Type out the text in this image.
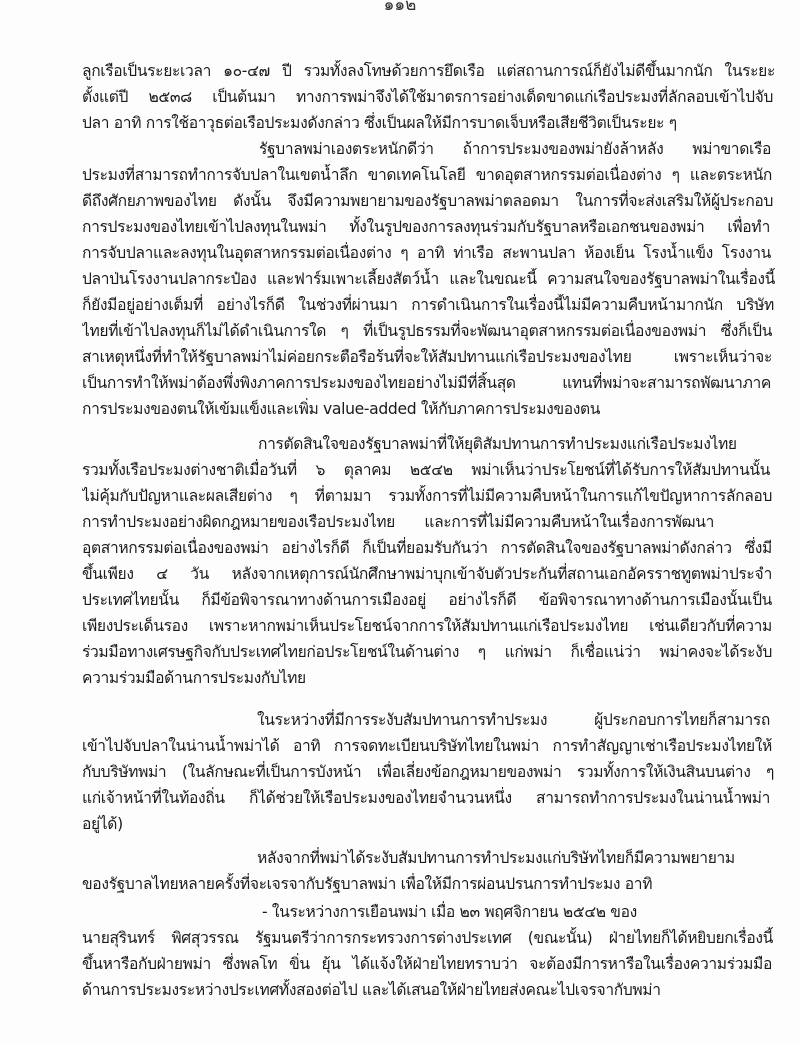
๑๑๒
ลูกเรือเป็นระยะเวลา ๑๐-๔๗ ปี รวมทั้งลงโทษด้วยการยึดเรือ แต่สถานการณ์ก็ยังไม่ดีขึ้นมากนัก ในระยะ
ตั้งแต่ปี ๒๕๓๘ เป็นต้นมา ทางการพม่าจึงได้ใช้มาตรการอย่างเด็ดขาดแก่เรือประมงที่ลักลอบเข้าไปจับ
ปลา อาทิ การใช้อาวุธต่อเรือประมงดังกล่าว ซึ่งเป็นผลให้มีการบาดเจ็บหรือเสียชีวิตเป็นระยะ ๆ
รัฐบาลพม่าเองตระหนักดีว่า ถ้าการประมงของพม่ายังล้าหลัง พม่าขาดเรือ
ประมงที่สามารถทำการจับปลาในเขตน้ำลึก ขาดเทคโนโลยี ขาดอุตสาหกรรมต่อเนื่องต่าง ๆ และตระหนัก
ดีถึงศักยภาพของไทย ดังนั้น จึงมีความพยายามของรัฐบาลพม่าตลอดมา ในการที่จะส่งเสริมให้ผู้ประกอบ
การประมงของไทยเข้าไปลงทุนในพม่า ทั้งในรูปของการลงทุนร่วมกับรัฐบาลหรือเอกชนของพม่า เพื่อทำ
การจับปลาและลงทุนในอุตสาหกรรมต่อเนื่องต่าง ๆ อาทิ ท่าเรือ สะพานปลา ห้องเย็น โรงน้ำแข็ง โรงงาน
ปลาป่นโรงงานปลากระป๋อง และฟาร์มเพาะเลี้ยงสัตว์น้ำ และในขณะนี้ ความสนใจของรัฐบาลพม่าในเรื่องนี้
ก็ยังมีอยู่อย่างเต็มที่ อย่างไรก็ดี ในช่วงที่ผ่านมา การดำเนินการในเรื่องนี้ไม่มีความคืบหน้ามากนัก บริษัท
ไทยที่เข้าไปลงทุนก็ไม่ได้ดำเนินการใด ๆ ที่เป็นรูปธรรมที่จะพัฒนาอุตสาหกรรมต่อเนื่องของพม่า ซึ่งก็เป็น
สาเหตุหนึ่งที่ทำให้รัฐบาลพม่าไม่ค่อยกระตือรือร้นที่จะให้สัมปทานแก่เรือประมงของไทย เพราะเห็นว่าจะ
เป็นการทำให้พม่าต้องพึ่งพิงภาคการประมงของไทยอย่างไม่มีที่สิ้นสุด แทนที่พม่าจะสามารถพัฒนาภาค
การประมงของตนให้เข้มแข็งและเพิ่ม value-added ให้กับภาคการประมงของตน
การตัดสินใจของรัฐบาลพม่าที่ให้ยุติสัมปทานการทำประมงแก่เรือประมงไทย
รวมทั้งเรือประมงต่างชาติเมื่อวันที่ ๖ ตุลาคม ๒๕๔๒ พม่าเห็นว่าประโยชน์ที่ได้รับการให้สัมปทานนั้น
ไม่คุ้มกับปัญหาและผลเสียต่าง ๆ ที่ตามมา รวมทั้งการที่ไม่มีความคืบหน้าในการแก้ไขปัญหาการลักลอบ
การทำประมงอย่างผิดกฎหมายของเรือประมงไทย และการที่ไม่มีความคืบหน้าในเรื่องการพัฒนา
อุตสาหกรรมต่อเนื่องของพม่า อย่างไรก็ดี ก็เป็นที่ยอมรับกันว่า การตัดสินใจของรัฐบาลพม่าดังกล่าว ซึ่งมี
ขึ้นเพียง ๔ วัน หลังจากเหตุการณ์นักศึกษาพม่าบุกเข้าจับตัวประกันที่สถานเอกอัครราชทูตพม่าประจำ
ประเทศไทยนั้น ก็มีข้อพิจารณาทางด้านการเมืองอยู่ อย่างไรก็ดี ข้อพิจารณาทางด้านการเมืองนั้นเป็น
เพียงประเด็นรอง เพราะหากพม่าเห็นประโยชน์จากการให้สัมปทานแก่เรือประมงไทย เช่นเดียวกับที่ความ
ร่วมมือทางเศรษฐกิจกับประเทศไทยก่อประโยชน์ในด้านต่าง ๆ แก่พม่า ก็เชื่อแน่ว่า พม่าคงจะได้ระงับ
ความร่วมมือด้านการประมงกับไทย
ในระหว่างที่มีการระงับสัมปทานการทำประมง ผู้ประกอบการไทยก็สามารถ
เข้าไปจับปลาในน่านน้ำพม่าได้ อาทิ การจดทะเบียนบริษัทไทยในพม่า การทำสัญญาเช่าเรือประมงไทยให้
กับบริษัทพม่า (ในลักษณะที่เป็นการบังหน้า เพื่อเลี่ยงข้อกฎหมายของพม่า รวมทั้งการให้เงินสินบนต่าง ๆ
แก่เจ้าหน้าที่ในท้องถิ่น ก็ได้ช่วยให้เรือประมงของไทยจำนวนหนึ่ง สามารถทำการประมงในน่านน้ำพม่า
อยู่ได้)
หลังจากที่พม่าได้ระงับสัมปทานการทำประมงแก่บริษัทไทยก็มีความพยายาม
ของรัฐบาลไทยหลายครั้งที่จะเจรจากับรัฐบาลพม่า เพื่อให้มีการผ่อนปรนการทำประมง อาทิ
- ในระหว่างการเยือนพม่า เมื่อ ๒๓ พฤศจิกายน ๒๕๔๒ ของ
นายสุรินทร์ พิศสุวรรณ รัฐมนตรีว่าการกระทรวงการต่างประเทศ (ขณะนั้น) ฝ่ายไทยก็ได้หยิบยกเรื่องนี้
ขึ้นหารือกับฝ่ายพม่า ซึ่งพลโท ขิ่น ยุ้น ได้แจ้งให้ฝ่ายไทยทราบว่า จะต้องมีการหารือในเรื่องความร่วมมือ
ด้านการประมงระหว่างประเทศทั้งสองต่อไป และได้เสนอให้ฝ่ายไทยส่งคณะไปเจรจากับพม่า
